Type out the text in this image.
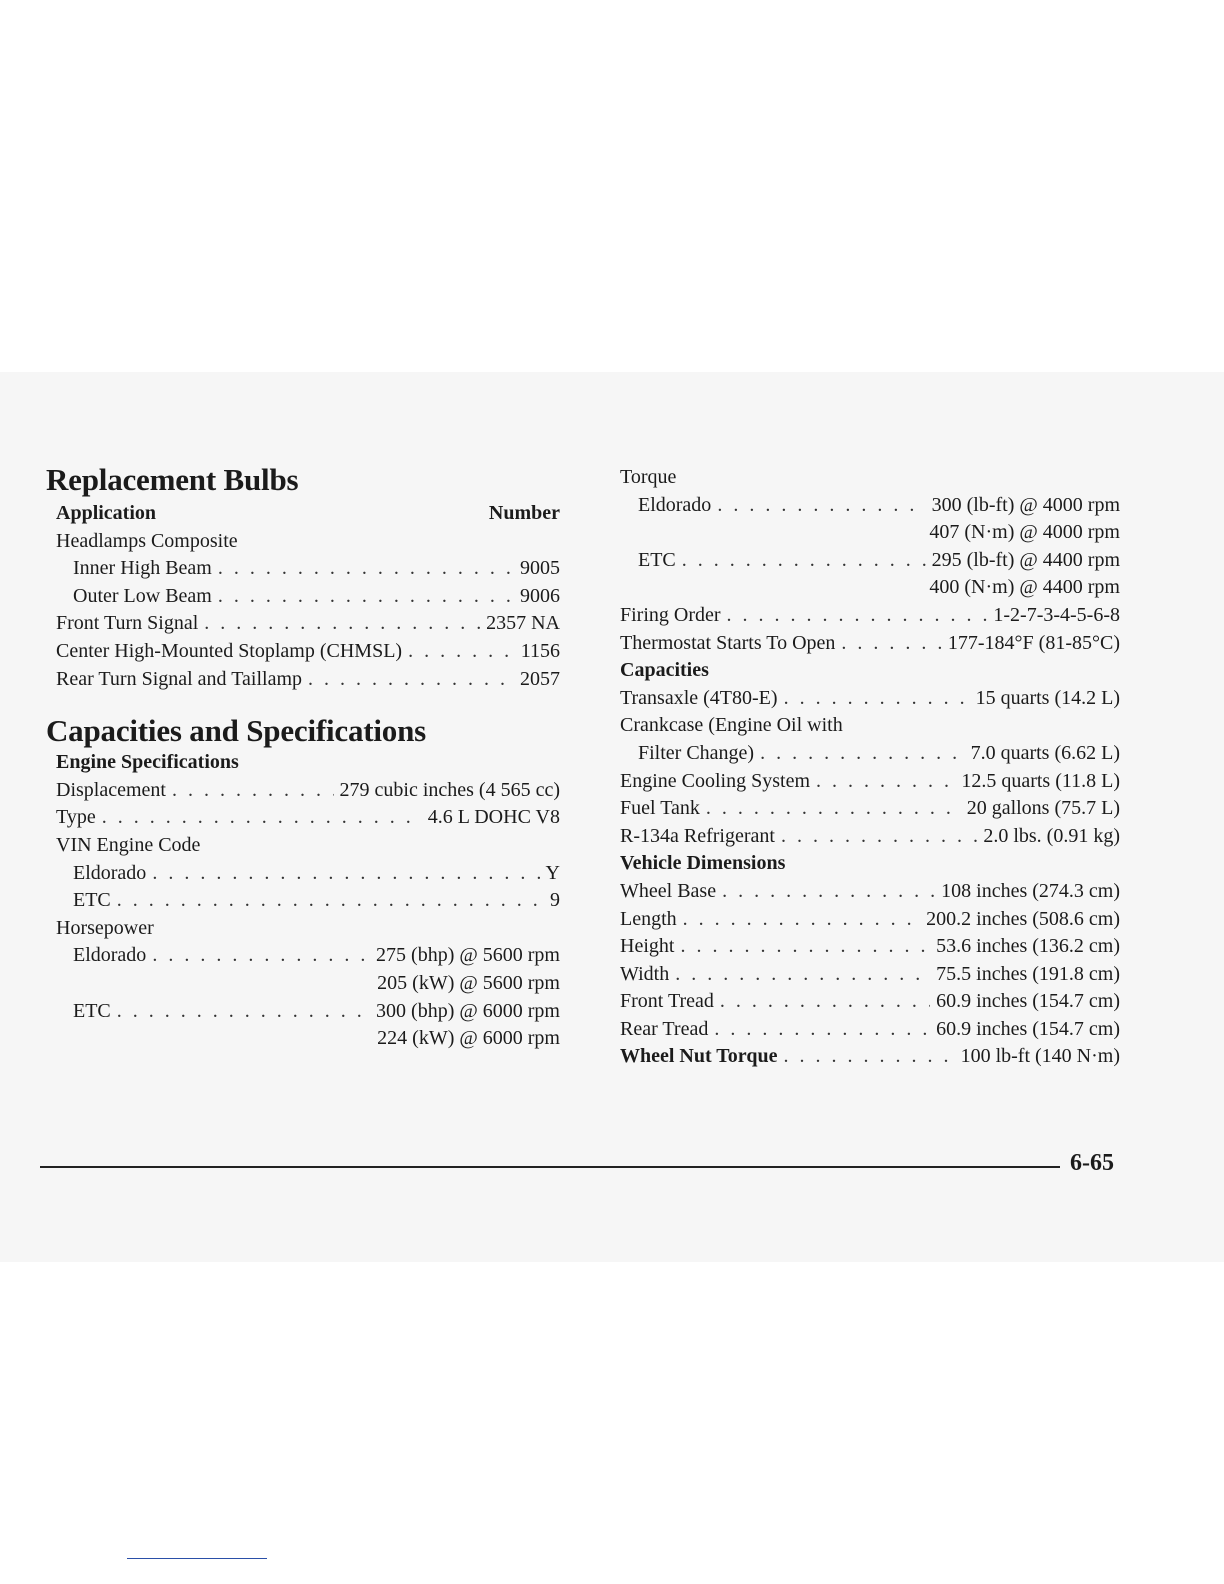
Replacement Bulbs
Application	Number
Headlamps Composite
Inner High Beam . . .	9005
Outer Low Beam . . .	9006
Front Turn Signal . . .	2357 NA
Center High-Mounted Stoplamp (CHMSL) . . .	1156
Rear Turn Signal and Taillamp . . .	2057
Capacities and Specifications
Engine Specifications
Displacement . . .	279 cubic inches (4 565 cc)
Type . . .	4.6 L DOHC V8
VIN Engine Code
Eldorado . . .	Y
ETC . . .	9
Horsepower
Eldorado . . .	275 (bhp) @ 5600 rpm
205 (kW) @ 5600 rpm
ETC . . .	300 (bhp) @ 6000 rpm
224 (kW) @ 6000 rpm
Torque
Eldorado . . .	300 (lb-ft) @ 4000 rpm
407 (N·m) @ 4000 rpm
ETC . . .	295 (lb-ft) @ 4400 rpm
400 (N·m) @ 4400 rpm
Firing Order . . .	1-2-7-3-4-5-6-8
Thermostat Starts To Open . . .	177-184°F (81-85°C)
Capacities
Transaxle (4T80-E) . . .	15 quarts (14.2 L)
Crankcase (Engine Oil with
Filter Change) . . .	7.0 quarts (6.62 L)
Engine Cooling System . . .	12.5 quarts (11.8 L)
Fuel Tank . . .	20 gallons (75.7 L)
R-134a Refrigerant . . .	2.0 lbs. (0.91 kg)
Vehicle Dimensions
Wheel Base . . .	108 inches (274.3 cm)
Length . . .	200.2 inches (508.6 cm)
Height . . .	53.6 inches (136.2 cm)
Width . . .	75.5 inches (191.8 cm)
Front Tread . . .	60.9 inches (154.7 cm)
Rear Tread . . .	60.9 inches (154.7 cm)
Wheel Nut Torque . . .	100 lb-ft (140 N·m)
6-65
